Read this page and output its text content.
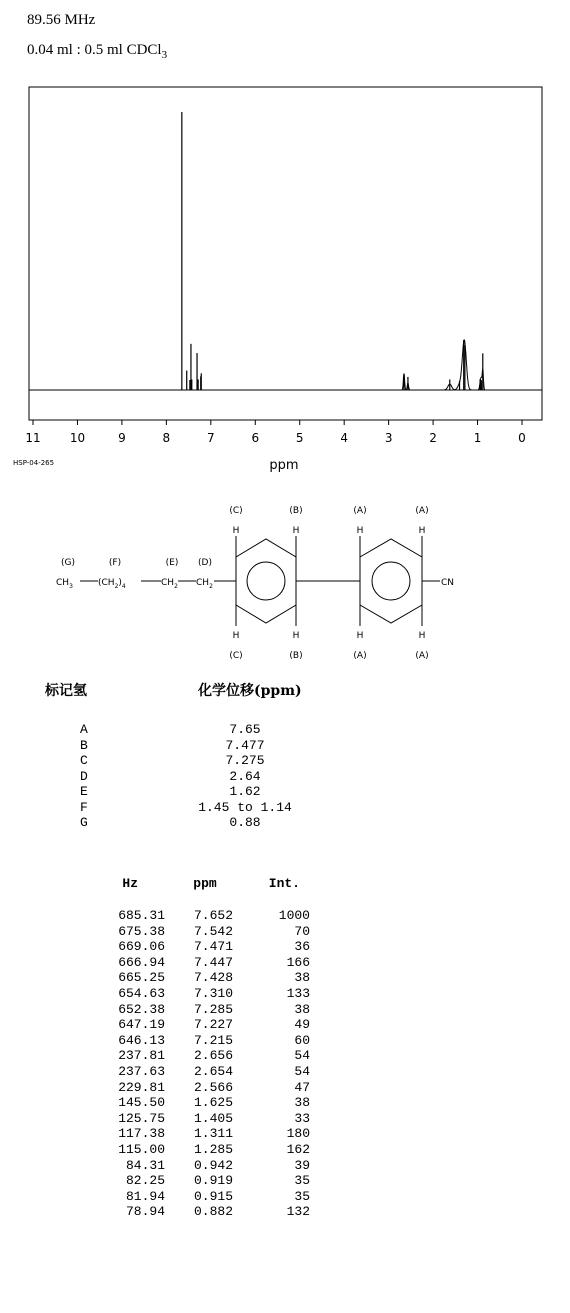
89.56 MHz
0.04 ml : 0.5 ml CDCl$_3$
11 10	9	8	7	6	5	4	3	2	1	0
HSP-04-265	ppm
(C)	(B)	(A)	(A)
H	H	H	H
(G)	(F)	(E) (D)
$CH_3$	$(CH_2)_4$	$CH_2$ $CH_2$	CN
H	H	H	H
(C)	(B)	(A)	(A)
标记氢	化学位移(ppm)
A	7.65
B	7.477
C	7.275
D	2.64
E	1.62
F	1.45 to 1.14
G	0.88
Hz	ppm	Int.
685.31	7.652	1000
675.38	7.542	70
669.06	7.471	36
666.94	7.447	166
665.25	7.428	38
654.63	7.310	133
652.38	7.285	38
647.19	7.227	49
646.13	7.215	60
237.81	2.656	54
237.63	2.654	54
229.81	2.566	47
145.50	1.625	38
125.75	1.405	33
117.38	1.311	180
115.00	1.285	162
84.31	0.942	39
82.25	0.919	35
81.94	0.915	35
78.94	0.882	132
